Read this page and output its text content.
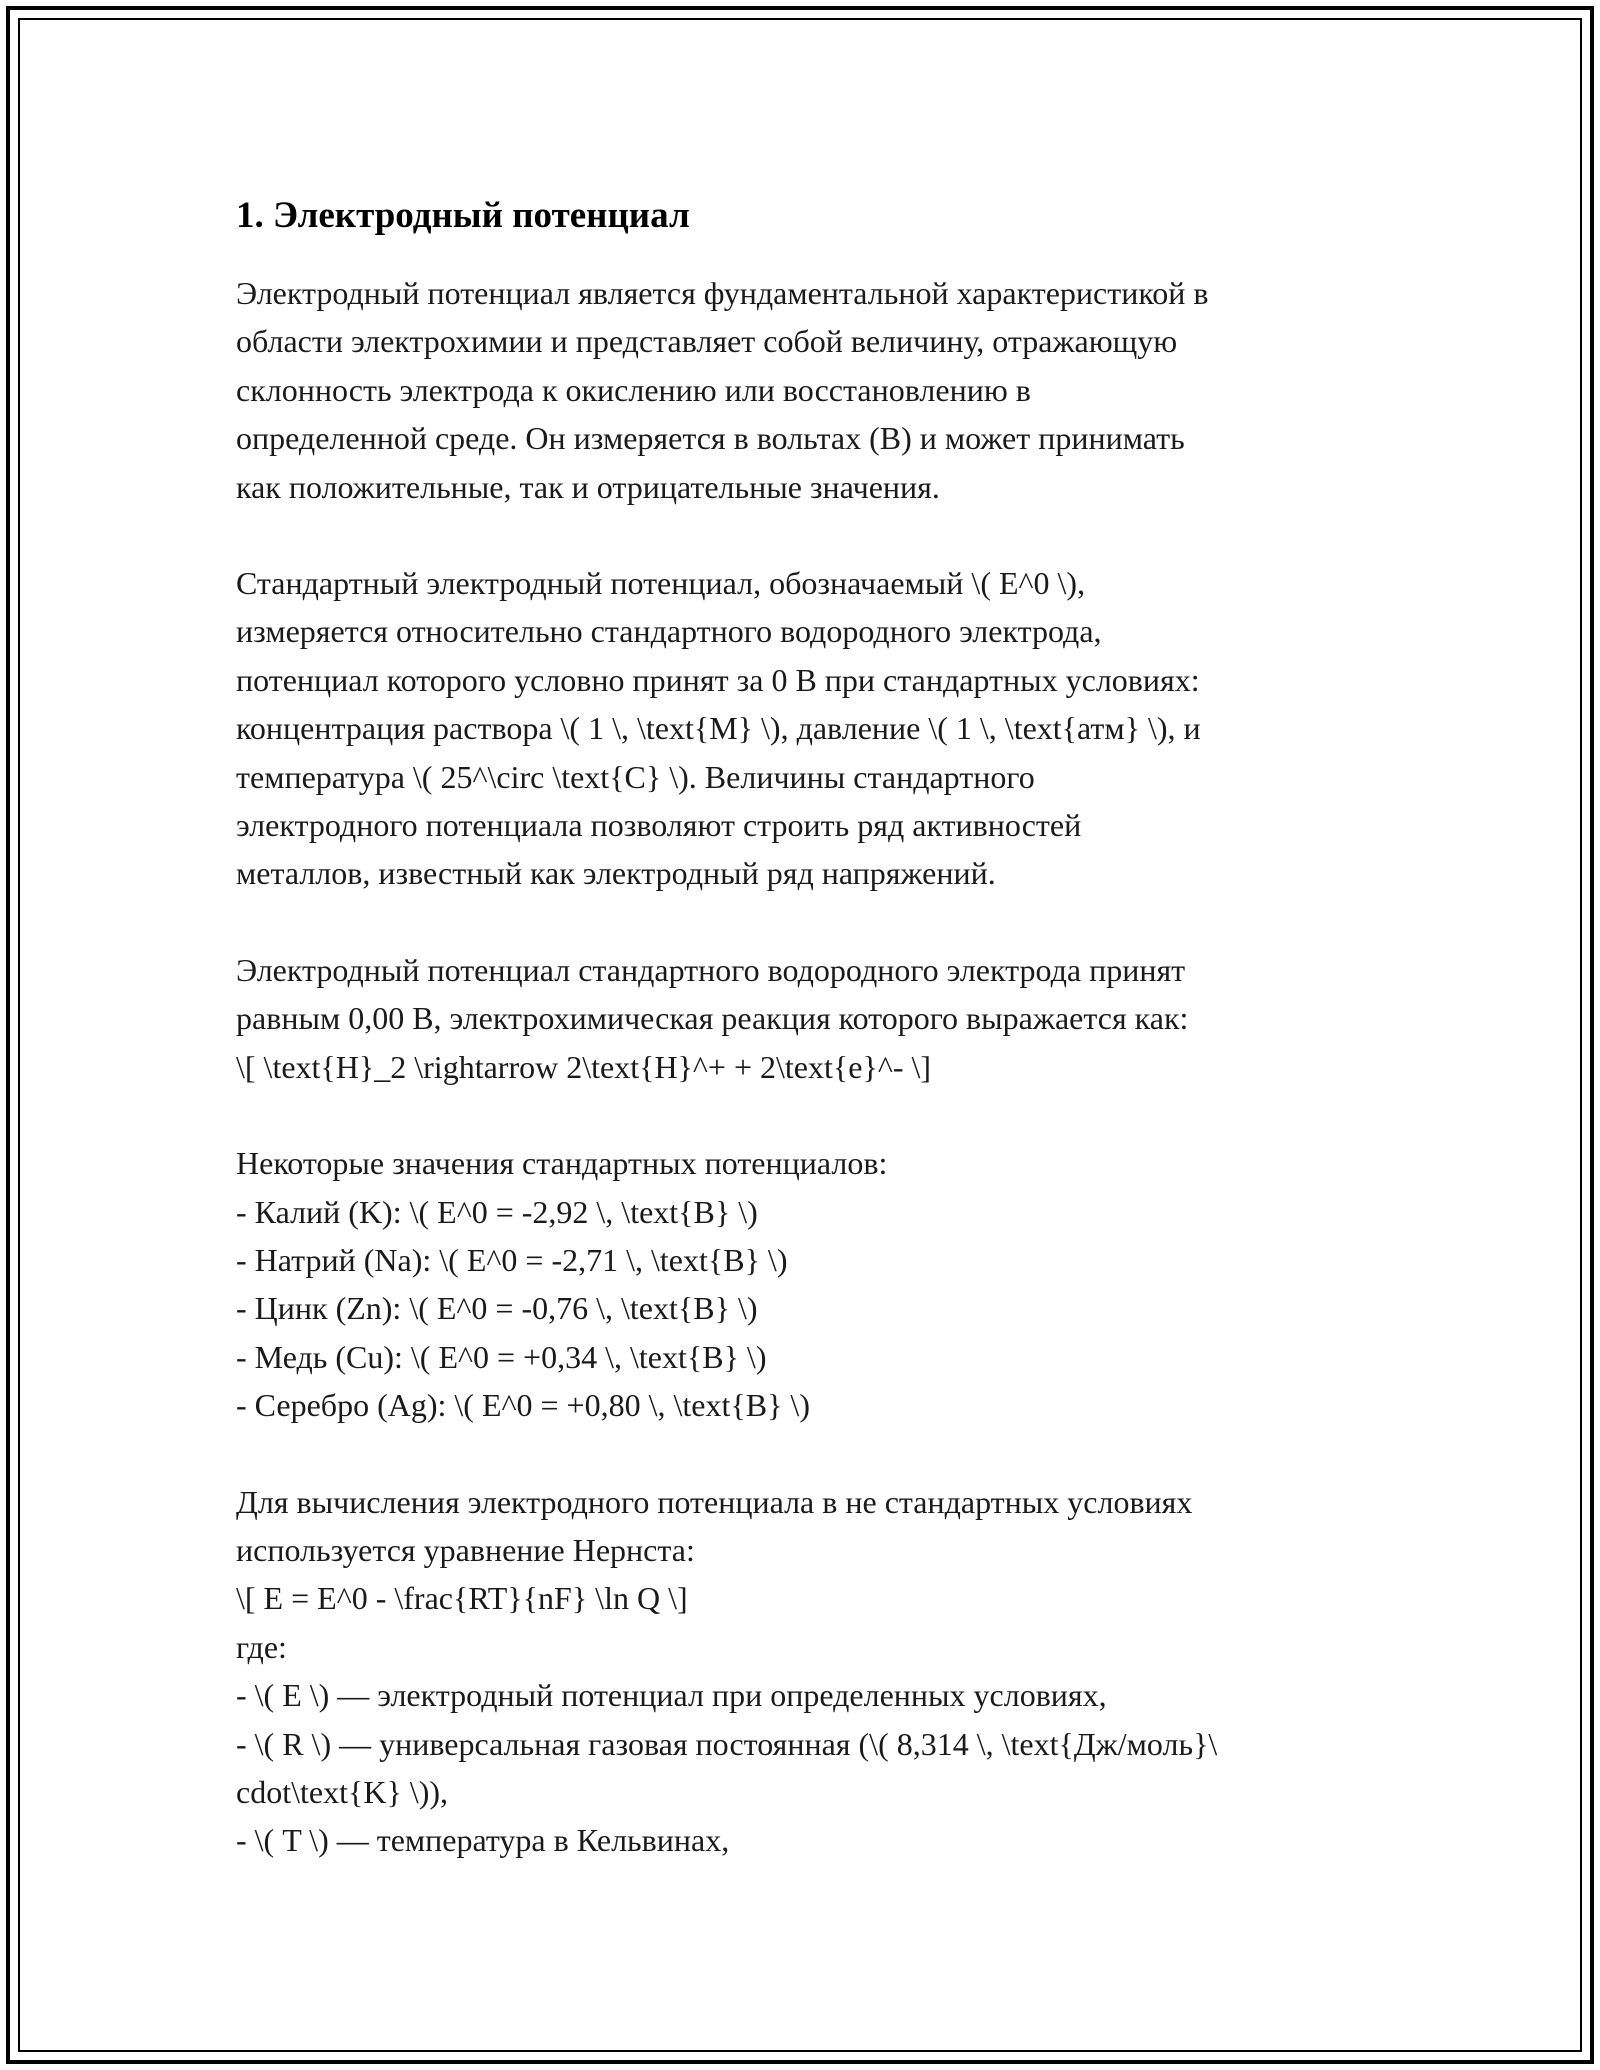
1. Электродный потенциал

Электродный потенциал является фундаментальной характеристикой в
области электрохимии и представляет собой величину, отражающую
склонность электрода к окислению или восстановлению в
определенной среде. Он измеряется в вольтах (В) и может принимать
как положительные, так и отрицательные значения.

Стандартный электродный потенциал, обозначаемый \( E^0 \),
измеряется относительно стандартного водородного электрода,
потенциал которого условно принят за 0 В при стандартных условиях:
концентрация раствора \( 1 \, \text{М} \), давление \( 1 \, \text{атм} \), и
температура \( 25^\circ \text{C} \). Величины стандартного
электродного потенциала позволяют строить ряд активностей
металлов, известный как электродный ряд напряжений.

Электродный потенциал стандартного водородного электрода принят
равным 0,00 В, электрохимическая реакция которого выражается как:
\[ \text{H}_2 \rightarrow 2\text{H}^+ + 2\text{e}^- \]

Некоторые значения стандартных потенциалов:
- Калий (K): \( E^0 = -2,92 \, \text{В} \)
- Натрий (Na): \( E^0 = -2,71 \, \text{В} \)
- Цинк (Zn): \( E^0 = -0,76 \, \text{В} \)
- Медь (Cu): \( E^0 = +0,34 \, \text{В} \)
- Серебро (Ag): \( E^0 = +0,80 \, \text{В} \)

Для вычисления электродного потенциала в не стандартных условиях
используется уравнение Нернста:
\[ E = E^0 - \frac{RT}{nF} \ln Q \]
где:
- \( E \) — электродный потенциал при определенных условиях,
- \( R \) — универсальная газовая постоянная (\( 8,314 \, \text{Дж/моль}\
cdot\text{K} \)),
- \( T \) — температура в Кельвинах,
